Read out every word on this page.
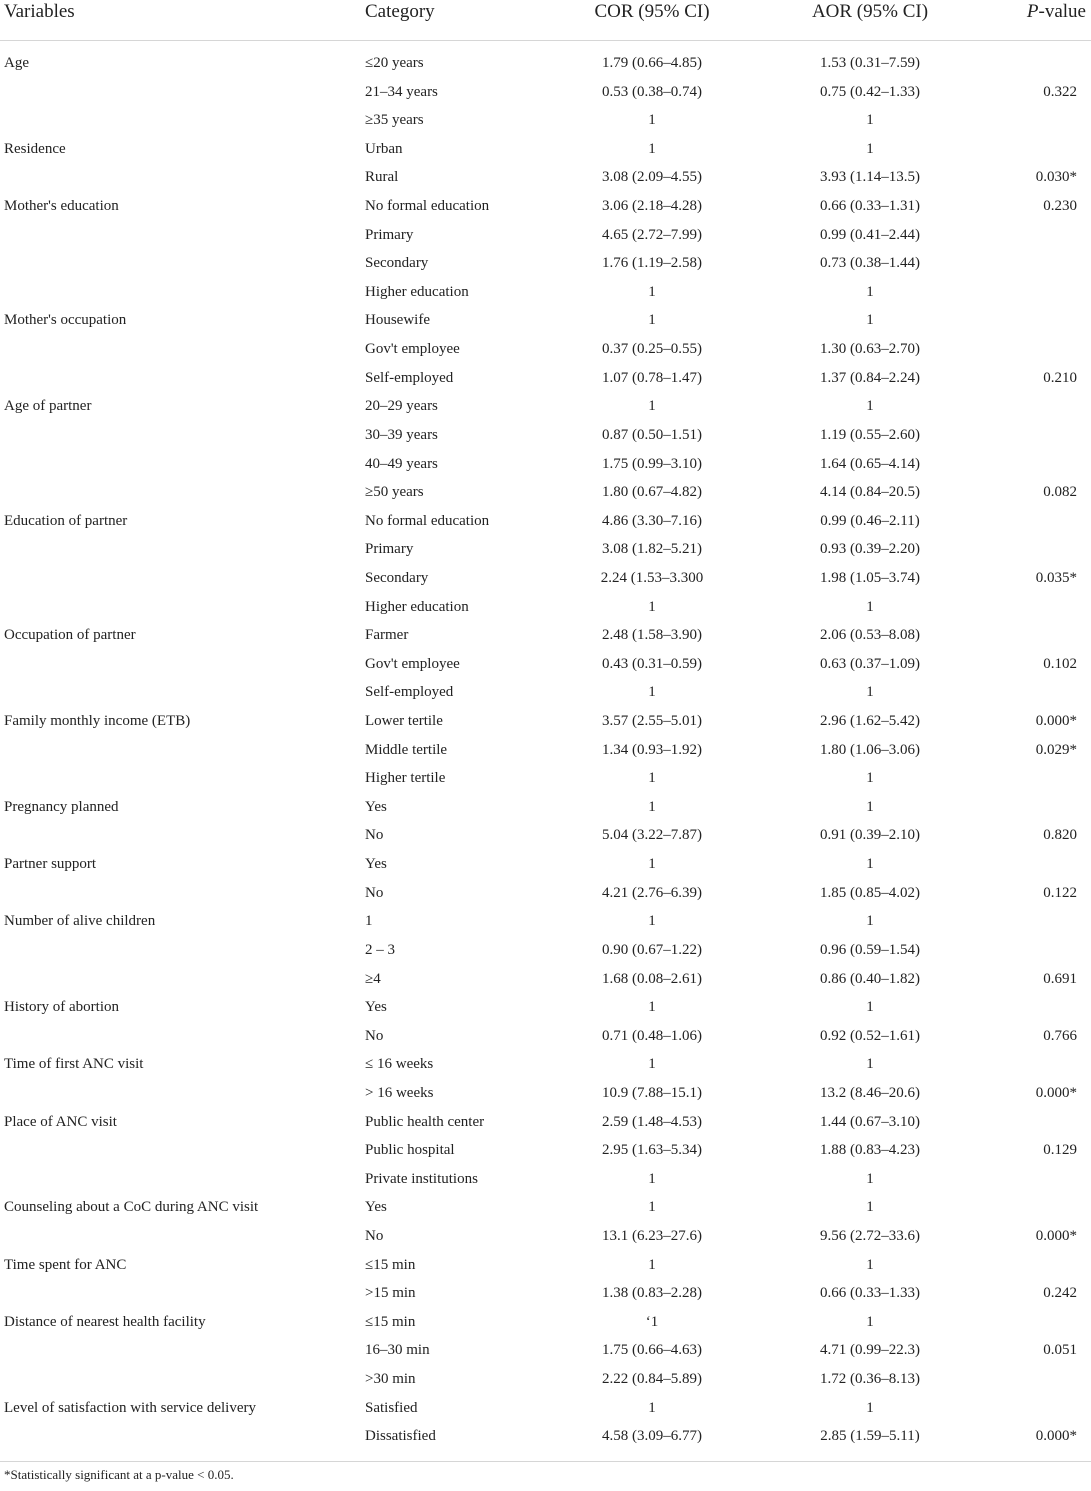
Variables	Category	COR (95% CI)	AOR (95% CI)	P-value
Age	≤20 years	1.79 (0.66–4.85)	1.53 (0.31–7.59)
21–34 years	0.53 (0.38–0.74)	0.75 (0.42–1.33)	0.322
≥35 years	1	1
Residence	Urban	1	1
Rural	3.08 (2.09–4.55)	3.93 (1.14–13.5)	0.030*
Mother's education	No formal education	3.06 (2.18–4.28)	0.66 (0.33–1.31)	0.230
Primary	4.65 (2.72–7.99)	0.99 (0.41–2.44)
Secondary	1.76 (1.19–2.58)	0.73 (0.38–1.44)
Higher education	1	1
Mother's occupation	Housewife	1	1
Gov't employee	0.37 (0.25–0.55)	1.30 (0.63–2.70)
Self-employed	1.07 (0.78–1.47)	1.37 (0.84–2.24)	0.210
Age of partner	20–29 years	1	1
30–39 years	0.87 (0.50–1.51)	1.19 (0.55–2.60)
40–49 years	1.75 (0.99–3.10)	1.64 (0.65–4.14)
≥50 years	1.80 (0.67–4.82)	4.14 (0.84–20.5)	0.082
Education of partner	No formal education	4.86 (3.30–7.16)	0.99 (0.46–2.11)
Primary	3.08 (1.82–5.21)	0.93 (0.39–2.20)
Secondary	2.24 (1.53–3.300	1.98 (1.05–3.74)	0.035*
Higher education	1	1
Occupation of partner	Farmer	2.48 (1.58–3.90)	2.06 (0.53–8.08)
Gov't employee	0.43 (0.31–0.59)	0.63 (0.37–1.09)	0.102
Self-employed	1	1
Family monthly income (ETB)	Lower tertile	3.57 (2.55–5.01)	2.96 (1.62–5.42)	0.000*
Middle tertile	1.34 (0.93–1.92)	1.80 (1.06–3.06)	0.029*
Higher tertile	1	1
Pregnancy planned	Yes	1	1
No	5.04 (3.22–7.87)	0.91 (0.39–2.10)	0.820
Partner support	Yes	1	1
No	4.21 (2.76–6.39)	1.85 (0.85–4.02)	0.122
Number of alive children	1	1	1
2 – 3	0.90 (0.67–1.22)	0.96 (0.59–1.54)
≥4	1.68 (0.08–2.61)	0.86 (0.40–1.82)	0.691
History of abortion	Yes	1	1
No	0.71 (0.48–1.06)	0.92 (0.52–1.61)	0.766
Time of first ANC visit	≤ 16 weeks	1	1
> 16 weeks	10.9 (7.88–15.1)	13.2 (8.46–20.6)	0.000*
Place of ANC visit	Public health center	2.59 (1.48–4.53)	1.44 (0.67–3.10)
Public hospital	2.95 (1.63–5.34)	1.88 (0.83–4.23)	0.129
Private institutions	1	1
Counseling about a CoC during ANC visit	Yes	1	1
No	13.1 (6.23–27.6)	9.56 (2.72–33.6)	0.000*
Time spent for ANC	≤15 min	1	1
>15 min	1.38 (0.83–2.28)	0.66 (0.33–1.33)	0.242
Distance of nearest health facility	≤15 min	‘1	1
16–30 min	1.75 (0.66–4.63)	4.71 (0.99–22.3)	0.051
>30 min	2.22 (0.84–5.89)	1.72 (0.36–8.13)
Level of satisfaction with service delivery	Satisfied	1	1
Dissatisfied	4.58 (3.09–6.77)	2.85 (1.59–5.11)	0.000*
*Statistically significant at a p-value < 0.05.
